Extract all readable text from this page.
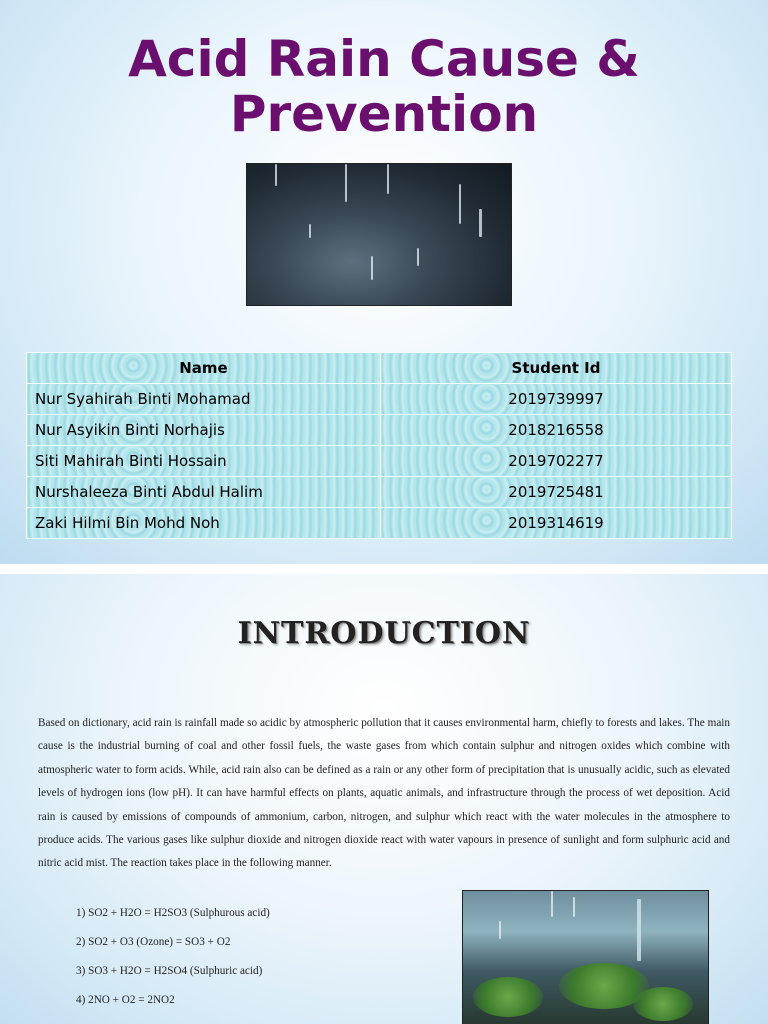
Acid Rain Cause &
Prevention
Name	Student Id
Nur Syahirah Binti Mohamad	2019739997
Nur Asyikin Binti Norhajis	2018216558
Siti Mahirah Binti Hossain	2019702277
Nurshaleeza Binti Abdul Halim	2019725481
Zaki Hilmi Bin Mohd Noh	2019314619
INTRODUCTION

Based on dictionary, acid rain is rainfall made so acidic by atmospheric pollution that it causes environmental harm, chiefly to forests and lakes. The main cause is the industrial burning of coal and other fossil fuels, the waste gases from which contain sulphur and nitrogen oxides which combine with atmospheric water to form acids. While, acid rain also can be defined as a rain or any other form of precipitation that is unusually acidic, such as elevated levels of hydrogen ions (low pH). It can have harmful effects on plants, aquatic animals, and infrastructure through the process of wet deposition. Acid rain is caused by emissions of compounds of ammonium, carbon, nitrogen, and sulphur which react with the water molecules in the atmosphere to produce acids. The various gases like sulphur dioxide and nitrogen dioxide react with water vapours in presence of sunlight and form sulphuric acid and nitric acid mist. The reaction takes place in the following manner.

1) SO2 + H2O = H2SO3 (Sulphurous acid)

2) SO2 + O3 (Ozone) = SO3 + O2

3) SO3 + H2O = H2SO4 (Sulphuric acid)

4) 2NO + O2 = 2NO2
